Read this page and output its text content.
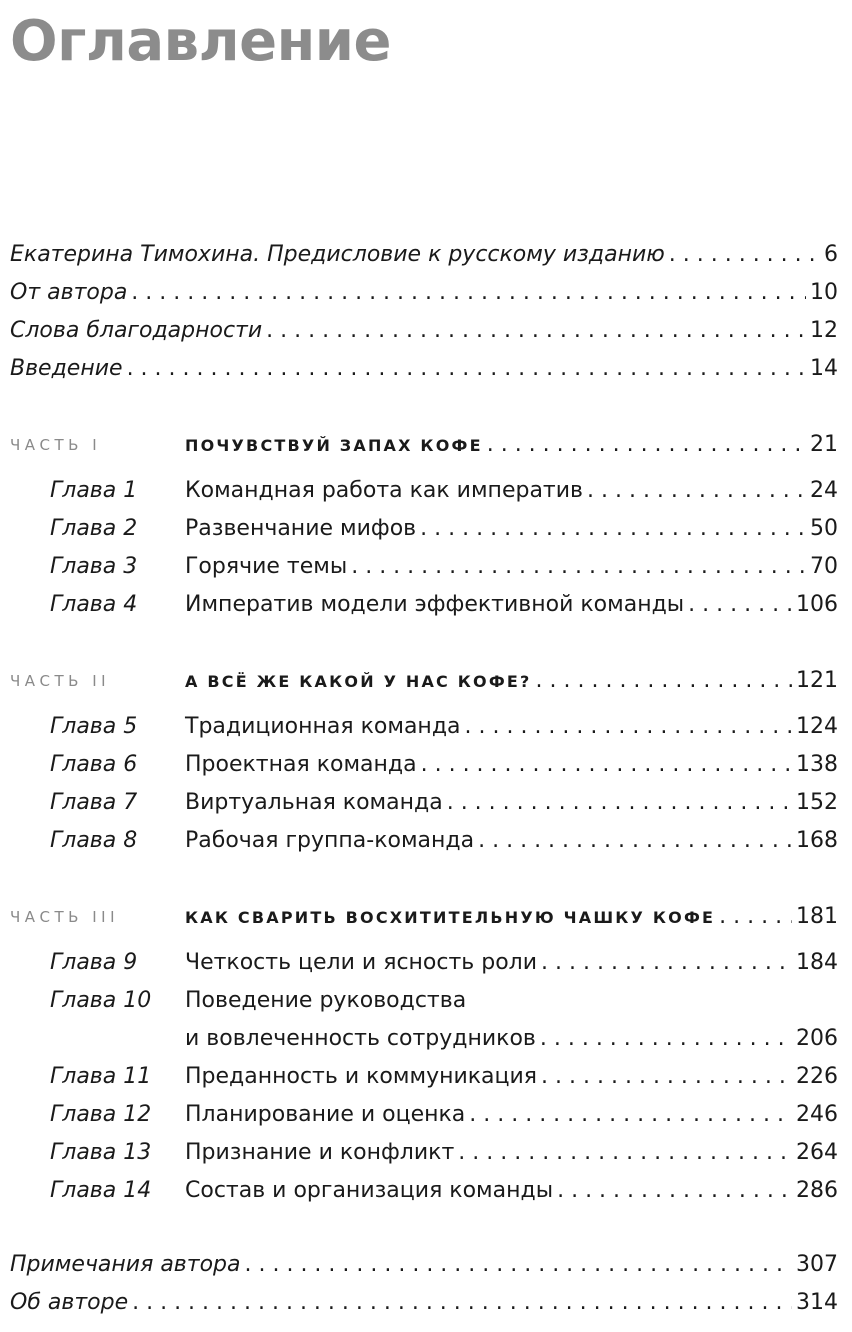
Оглавление
Екатерина Тимохина. Предисловие к русскому изданию . . .	6
От автора . . .	10
Слова благодарности . . .	12
Введение . . .	14
ЧАСТЬ I	ПОЧУВСТВУЙ ЗАПАХ КОФЕ . . .	21
Глава 1 Командная работа как императив . . .	24
Глава 2 Развенчание мифов . . .	50
Глава 3 Горячие темы . . .	70
Глава 4 Императив модели эффективной команды . . .	106
ЧАСТЬ II	А ВСЁ ЖЕ КАКОЙ У НАС КОФЕ? . . .	121
Глава 5 Традиционная команда . . .	124
Глава 6 Проектная команда . . .	138
Глава 7 Виртуальная команда . . .	152
Глава 8 Рабочая группа-команда . . .	168
ЧАСТЬ III	КАК СВАРИТЬ ВОСХИТИТЕЛЬНУЮ ЧАШКУ КОФЕ . . .	181
Глава 9 Четкость цели и ясность роли . . .	184
Глава 10 Поведение руководства
и вовлеченность сотрудников . . .	206
Глава 11 Преданность и коммуникация . . .	226
Глава 12 Планирование и оценка . . .	246
Глава 13 Признание и конфликт . . .	264
Глава 14 Состав и организация команды . . .	286
Примечания автора . . .	307
Об авторе . . .	314
